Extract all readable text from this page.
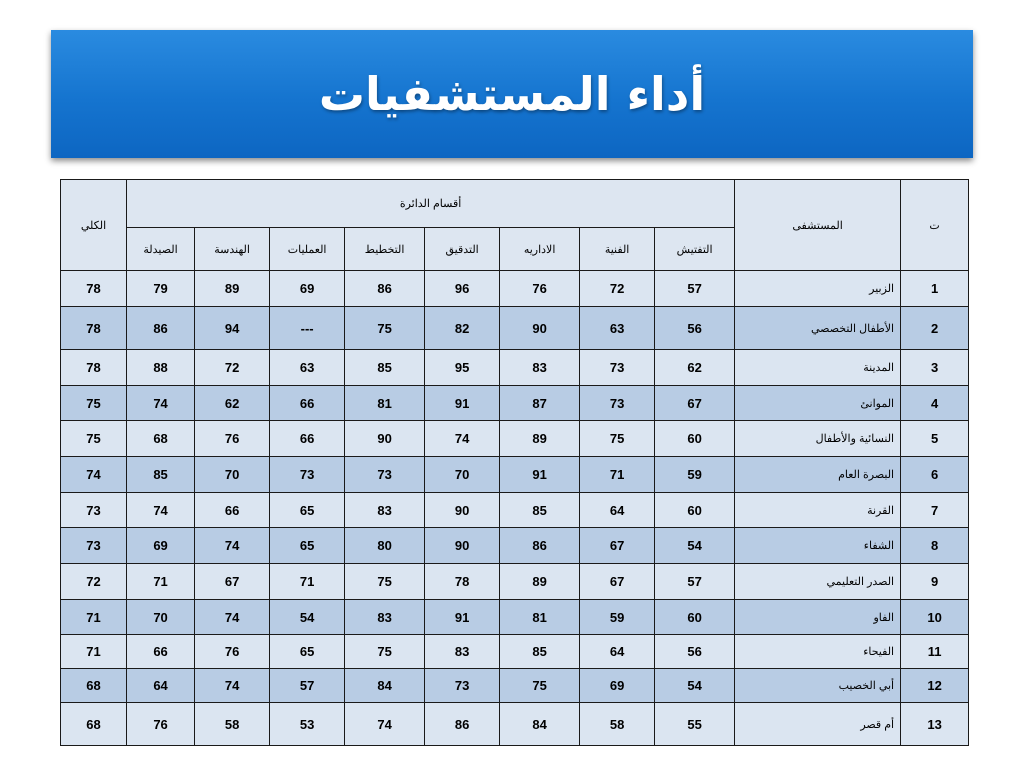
أداء المستشفيات
ت	المستشفى	أقسام الدائرة								الكلي
		التفتيش	الفنية	الاداريه	التدقيق	التخطيط	العمليات	الهندسة	الصيدلة	
1	الزبير	57	72	76	96	86	69	89	79	78
2	الأطفال التخصصي	56	63	90	82	75	---	94	86	78
3	المدينة	62	73	83	95	85	63	72	88	78
4	الموانئ	67	73	87	91	81	66	62	74	75
5	النسائية والأطفال	60	75	89	74	90	66	76	68	75
6	البصرة العام	59	71	91	70	73	73	70	85	74
7	القرنة	60	64	85	90	83	65	66	74	73
8	الشفاء	54	67	86	90	80	65	74	69	73
9	الصدر التعليمي	57	67	89	78	75	71	67	71	72
10	الفاو	60	59	81	91	83	54	74	70	71
11	الفيحاء	56	64	85	83	75	65	76	66	71
12	أبي الخصيب	54	69	75	73	84	57	74	64	68
13	أم قصر	55	58	84	86	74	53	58	76	68
